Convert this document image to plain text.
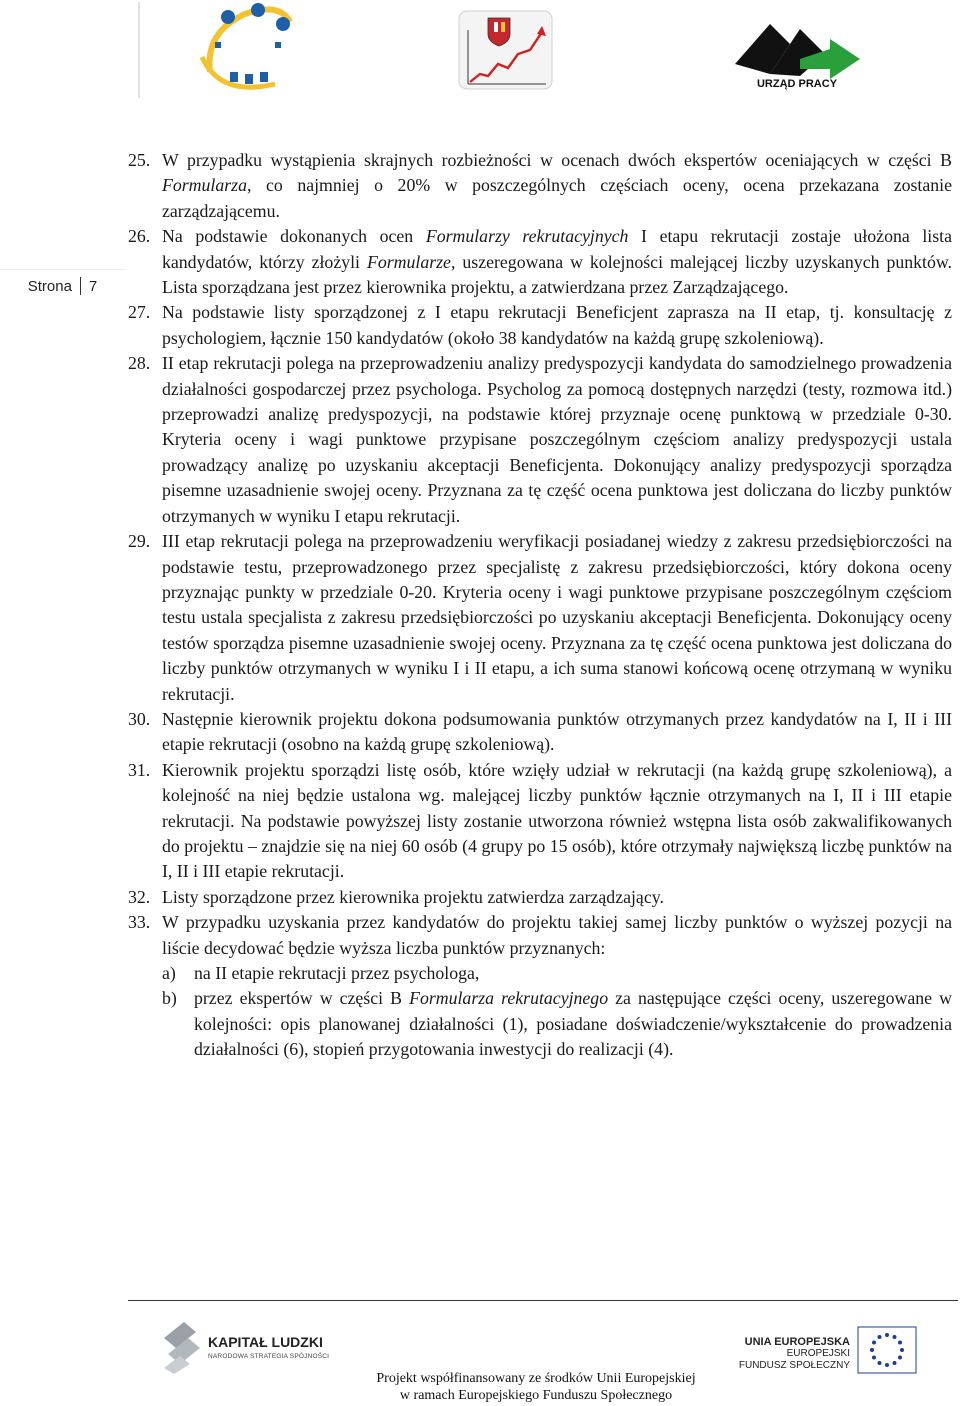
URZĄD PRACY
Strona 7
25. W przypadku wystąpienia skrajnych rozbieżności w ocenach dwóch ekspertów oceniających w części B Formularza, co najmniej o 20% w poszczególnych częściach oceny, ocena przekazana zostanie zarządzającemu.
26. Na podstawie dokonanych ocen Formularzy rekrutacyjnych I etapu rekrutacji zostaje ułożona lista kandydatów, którzy złożyli Formularze, uszeregowana w kolejności malejącej liczby uzyskanych punktów. Lista sporządzana jest przez kierownika projektu, a zatwierdzana przez Zarządzającego.
27. Na podstawie listy sporządzonej z I etapu rekrutacji Beneficjent zaprasza na II etap, tj. konsultację z psychologiem, łącznie 150 kandydatów (około 38 kandydatów na każdą grupę szkoleniową).
28. II etap rekrutacji polega na przeprowadzeniu analizy predyspozycji kandydata do samodzielnego prowadzenia działalności gospodarczej przez psychologa. Psycholog za pomocą dostępnych narzędzi (testy, rozmowa itd.) przeprowadzi analizę predyspozycji, na podstawie której przyznaje ocenę punktową w przedziale 0-30. Kryteria oceny i wagi punktowe przypisane poszczególnym częściom analizy predyspozycji ustala prowadzący analizę po uzyskaniu akceptacji Beneficjenta. Dokonujący analizy predyspozycji sporządza pisemne uzasadnienie swojej oceny. Przyznana za tę część ocena punktowa jest doliczana do liczby punktów otrzymanych w wyniku I etapu rekrutacji.
29. III etap rekrutacji polega na przeprowadzeniu weryfikacji posiadanej wiedzy z zakresu przedsiębiorczości na podstawie testu, przeprowadzonego przez specjalistę z zakresu przedsiębiorczości, który dokona oceny przyznając punkty w przedziale 0-20. Kryteria oceny i wagi punktowe przypisane poszczególnym częściom testu ustala specjalista z zakresu przedsiębiorczości po uzyskaniu akceptacji Beneficjenta. Dokonujący oceny testów sporządza pisemne uzasadnienie swojej oceny. Przyznana za tę część ocena punktowa jest doliczana do liczby punktów otrzymanych w wyniku I i II etapu, a ich suma stanowi końcową ocenę otrzymaną w wyniku rekrutacji.
30. Następnie kierownik projektu dokona podsumowania punktów otrzymanych przez kandydatów na I, II i III etapie rekrutacji (osobno na każdą grupę szkoleniową).
31. Kierownik projektu sporządzi listę osób, które wzięły udział w rekrutacji (na każdą grupę szkoleniową), a kolejność na niej będzie ustalona wg. malejącej liczby punktów łącznie otrzymanych na I, II i III etapie rekrutacji. Na podstawie powyższej listy zostanie utworzona również wstępna lista osób zakwalifikowanych do projektu – znajdzie się na niej 60 osób (4 grupy po 15 osób), które otrzymały największą liczbę punktów na I, II i III etapie rekrutacji.
32. Listy sporządzone przez kierownika projektu zatwierdza zarządzający.
33. W przypadku uzyskania przez kandydatów do projektu takiej samej liczby punktów o wyższej pozycji na liście decydować będzie wyższa liczba punktów przyznanych:
a)	na II etapie rekrutacji przez psychologa,
b) przez ekspertów w części B Formularza rekrutacyjnego za następujące części oceny, uszeregowane w kolejności: opis planowanej działalności (1), posiadane doświadczenie/wykształcenie do prowadzenia działalności (6), stopień przygotowania inwestycji do realizacji (4).
KAPITAŁ LUDZKI
NARODOWA STRATEGIA SPÓJNOŚCI
UNIA EUROPEJSKA
EUROPEJSKI
FUNDUSZ SPOŁECZNY
Projekt współfinansowany ze środków Unii Europejskiej
w ramach Europejskiego Funduszu Społecznego
